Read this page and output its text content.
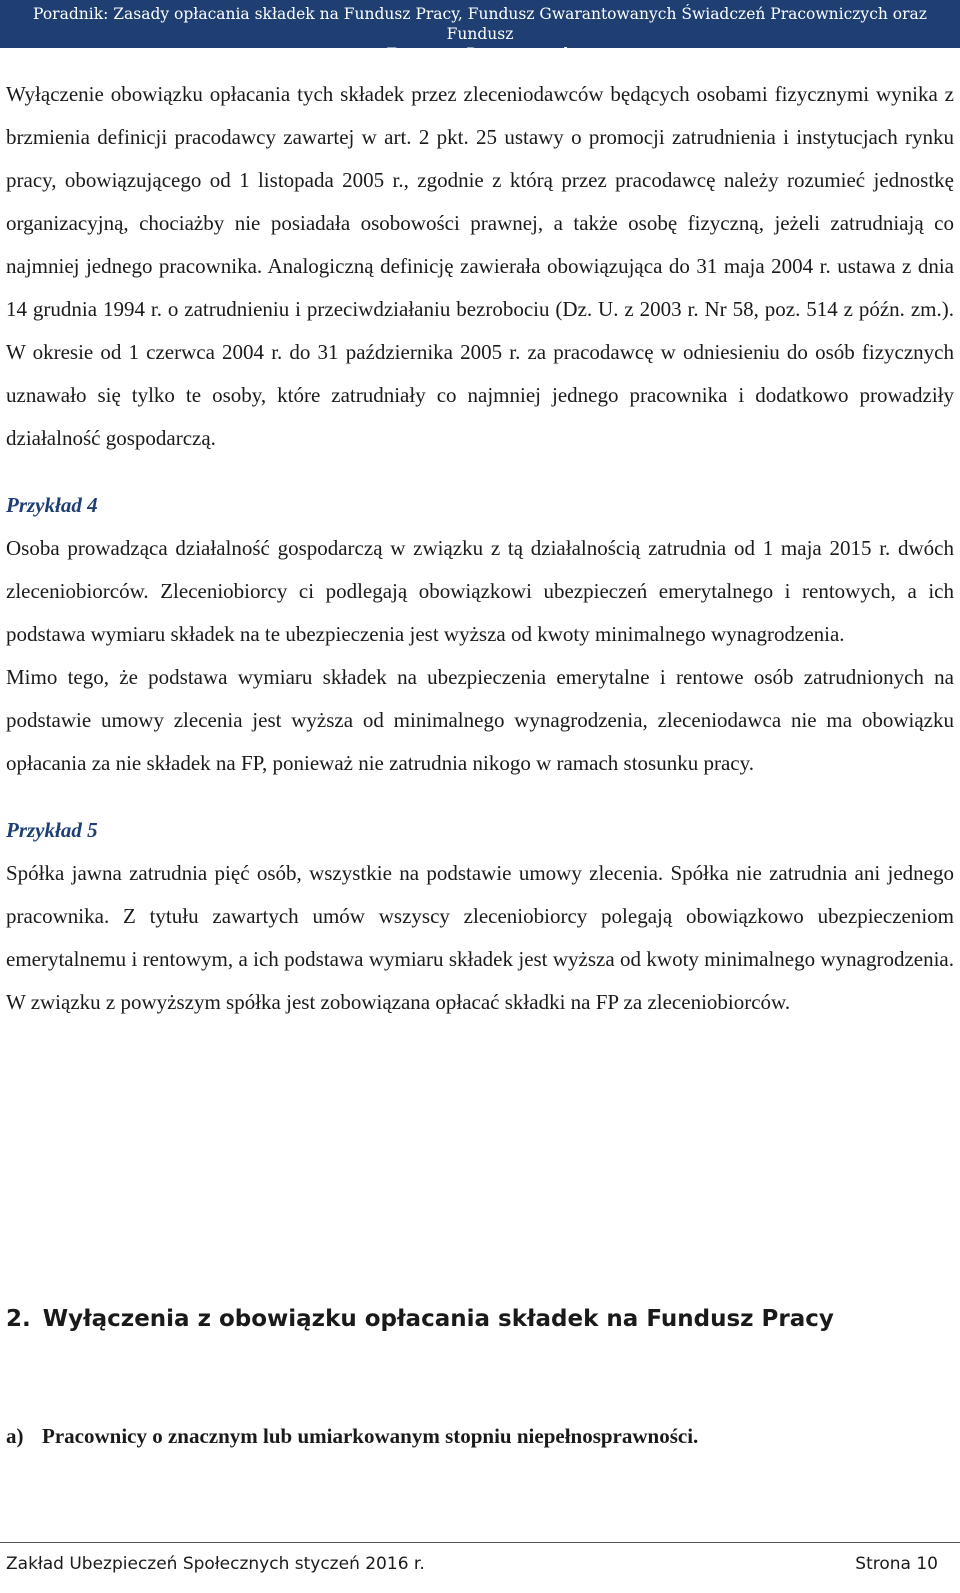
Poradnik: Zasady opłacania składek na Fundusz Pracy, Fundusz Gwarantowanych Świadczeń Pracowniczych oraz Fundusz
Emerytur Pomostowych

Wyłączenie obowiązku opłacania tych składek przez zleceniodawców będących osobami fizycznymi wynika z brzmienia definicji pracodawcy zawartej w art. 2 pkt. 25 ustawy o promocji zatrudnienia i instytucjach rynku pracy, obowiązującego od 1 listopada 2005 r., zgodnie z którą przez pracodawcę należy rozumieć jednostkę organizacyjną, chociażby nie posiadała osobowości prawnej, a także osobę fizyczną, jeżeli zatrudniają co najmniej jednego pracownika. Analogiczną definicję zawierała obowiązująca do 31 maja 2004 r. ustawa z dnia 14 grudnia 1994 r. o zatrudnieniu i przeciwdziałaniu bezrobociu (Dz. U. z 2003 r. Nr 58, poz. 514 z późn. zm.). W okresie od 1 czerwca 2004 r. do 31 października 2005 r. za pracodawcę w odniesieniu do osób fizycznych uznawało się tylko te osoby, które zatrudniały co najmniej jednego pracownika i dodatkowo prowadziły działalność gospodarczą.

Przykład 4

Osoba prowadząca działalność gospodarczą w związku z tą działalnością zatrudnia od 1 maja 2015 r. dwóch zleceniobiorców. Zleceniobiorcy ci podlegają obowiązkowi ubezpieczeń emerytalnego i rentowych, a ich podstawa wymiaru składek na te ubezpieczenia jest wyższa od kwoty minimalnego wynagrodzenia.

Mimo tego, że podstawa wymiaru składek na ubezpieczenia emerytalne i rentowe osób zatrudnionych na podstawie umowy zlecenia jest wyższa od minimalnego wynagrodzenia, zleceniodawca nie ma obowiązku opłacania za nie składek na FP, ponieważ nie zatrudnia nikogo w ramach stosunku pracy.

Przykład 5

Spółka jawna zatrudnia pięć osób, wszystkie na podstawie umowy zlecenia. Spółka nie zatrudnia ani jednego pracownika. Z tytułu zawartych umów wszyscy zleceniobiorcy polegają obowiązkowo ubezpieczeniom emerytalnemu i rentowym, a ich podstawa wymiaru składek jest wyższa od kwoty minimalnego wynagrodzenia. W związku z powyższym spółka jest zobowiązana opłacać składki na FP za zleceniobiorców.

2. Wyłączenia z obowiązku opłacania składek na Fundusz Pracy
a) Pracownicy o znacznym lub umiarkowanym stopniu niepełnosprawności.
Zakład Ubezpieczeń Społecznych styczeń 2016 r.	Strona 10
